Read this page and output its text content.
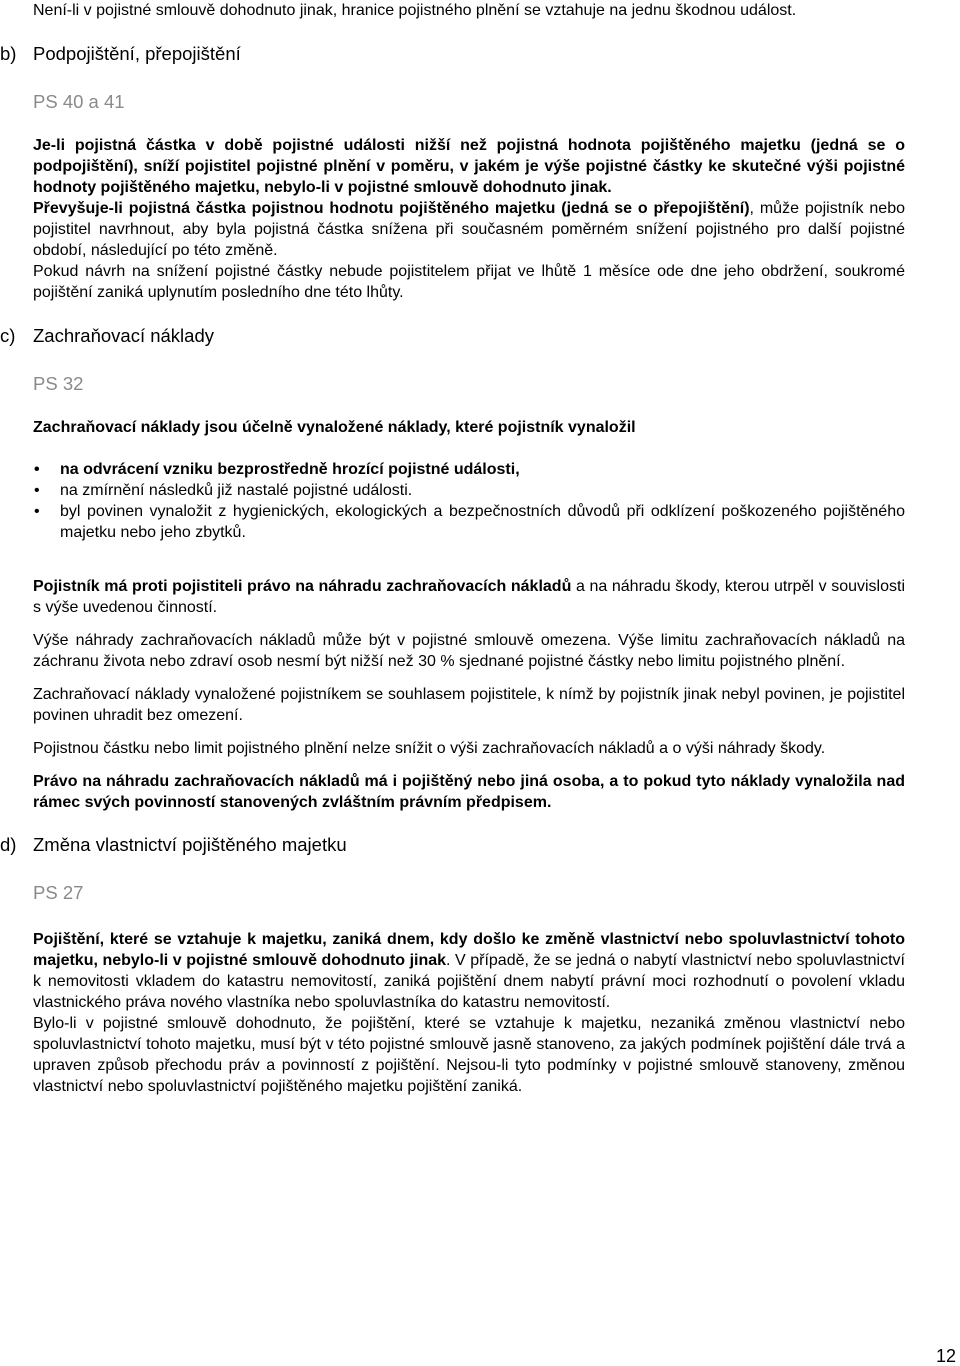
Není-li v pojistné smlouvě dohodnuto jinak, hranice pojistného plnění se vztahuje na jednu škodnou událost.

b) Podpojištění, přepojištění
PS 40 a 41

Je-li pojistná částka v době pojistné události nižší než pojistná hodnota pojištěného majetku (jedná se o podpojištění), sníží pojistitel pojistné plnění v poměru, v jakém je výše pojistné částky ke skutečné výši pojistné hodnoty pojištěného majetku, nebylo-li v pojistné smlouvě dohodnuto jinak.

Převyšuje-li pojistná částka pojistnou hodnotu pojištěného majetku (jedná se o přepojištění), může pojistník nebo pojistitel navrhnout, aby byla pojistná částka snížena při současném poměrném snížení pojistného pro další pojistné období, následující po této změně.

Pokud návrh na snížení pojistné částky nebude pojistitelem přijat ve lhůtě 1 měsíce ode dne jeho obdržení, soukromé pojištění zaniká uplynutím posledního dne této lhůty.

c) Zachraňovací náklady
PS 32

Zachraňovací náklady jsou účelně vynaložené náklady, které pojistník vynaložil

• na odvrácení vzniku bezprostředně hrozící pojistné události,
• na zmírnění následků již nastalé pojistné události.
• byl povinen vynaložit z hygienických, ekologických a bezpečnostních důvodů při odklízení poškozeného pojištěného majetku nebo jeho zbytků.

Pojistník má proti pojistiteli právo na náhradu zachraňovacích nákladů a na náhradu škody, kterou utrpěl v souvislosti s výše uvedenou činností.

Výše náhrady zachraňovacích nákladů může být v pojistné smlouvě omezena. Výše limitu zachraňovacích nákladů na záchranu života nebo zdraví osob nesmí být nižší než 30 % sjednané pojistné částky nebo limitu pojistného plnění.

Zachraňovací náklady vynaložené pojistníkem se souhlasem pojistitele, k nímž by pojistník jinak nebyl povinen, je pojistitel povinen uhradit bez omezení.

Pojistnou částku nebo limit pojistného plnění nelze snížit o výši zachraňovacích nákladů a o výši náhrady škody.

Právo na náhradu zachraňovacích nákladů má i pojištěný nebo jiná osoba, a to pokud tyto náklady vynaložila nad rámec svých povinností stanovených zvláštním právním předpisem.

d) Změna vlastnictví pojištěného majetku
PS 27

Pojištění, které se vztahuje k majetku, zaniká dnem, kdy došlo ke změně vlastnictví nebo spoluvlastnictví tohoto majetku, nebylo-li v pojistné smlouvě dohodnuto jinak. V případě, že se jedná o nabytí vlastnictví nebo spoluvlastnictví k nemovitosti vkladem do katastru nemovitostí, zaniká pojištění dnem nabytí právní moci rozhodnutí o povolení vkladu vlastnického práva nového vlastníka nebo spoluvlastníka do katastru nemovitostí.

Bylo-li v pojistné smlouvě dohodnuto, že pojištění, které se vztahuje k majetku, nezaniká změnou vlastnictví nebo spoluvlastnictví tohoto majetku, musí být v této pojistné smlouvě jasně stanoveno, za jakých podmínek pojištění dále trvá a upraven způsob přechodu práv a povinností z pojištění. Nejsou-li tyto podmínky v pojistné smlouvě stanoveny, změnou vlastnictví nebo spoluvlastnictví pojištěného majetku pojištění zaniká.

12
